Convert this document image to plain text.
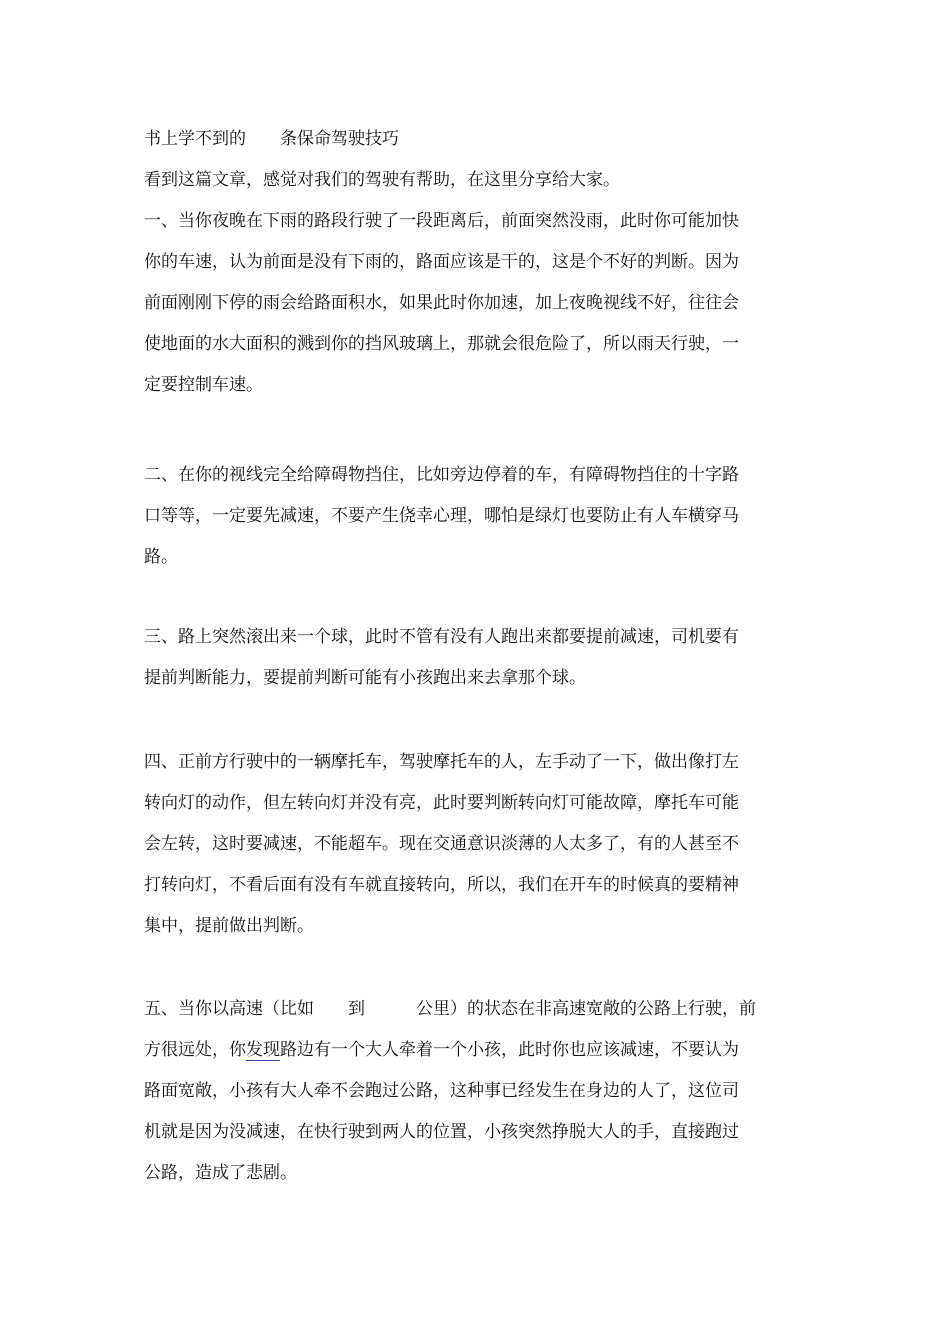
书上学不到的　　条保命驾驶技巧
看到这篇文章，感觉对我们的驾驶有帮助，在这里分享给大家。
一、当你夜晚在下雨的路段行驶了一段距离后，前面突然没雨，此时你可能加快
你的车速，认为前面是没有下雨的，路面应该是干的，这是个不好的判断。因为
前面刚刚下停的雨会给路面积水，如果此时你加速，加上夜晚视线不好，往往会
使地面的水大面积的溅到你的挡风玻璃上，那就会很危险了，所以雨天行驶，一
定要控制车速。
二、在你的视线完全给障碍物挡住，比如旁边停着的车，有障碍物挡住的十字路
口等等，一定要先减速，不要产生侥幸心理，哪怕是绿灯也要防止有人车横穿马
路。
三、路上突然滚出来一个球，此时不管有没有人跑出来都要提前减速，司机要有
提前判断能力，要提前判断可能有小孩跑出来去拿那个球。
四、正前方行驶中的一辆摩托车，驾驶摩托车的人，左手动了一下，做出像打左
转向灯的动作，但左转向灯并没有亮，此时要判断转向灯可能故障，摩托车可能
会左转，这时要减速，不能超车。现在交通意识淡薄的人太多了，有的人甚至不
打转向灯，不看后面有没有车就直接转向，所以，我们在开车的时候真的要精神
集中，提前做出判断。
五、当你以高速（比如　　到　　　公里）的状态在非高速宽敞的公路上行驶，前
方很远处，你发现路边有一个大人牵着一个小孩，此时你也应该减速，不要认为
路面宽敞，小孩有大人牵不会跑过公路，这种事已经发生在身边的人了，这位司
机就是因为没减速，在快行驶到两人的位置，小孩突然挣脱大人的手，直接跑过
公路，造成了悲剧。
